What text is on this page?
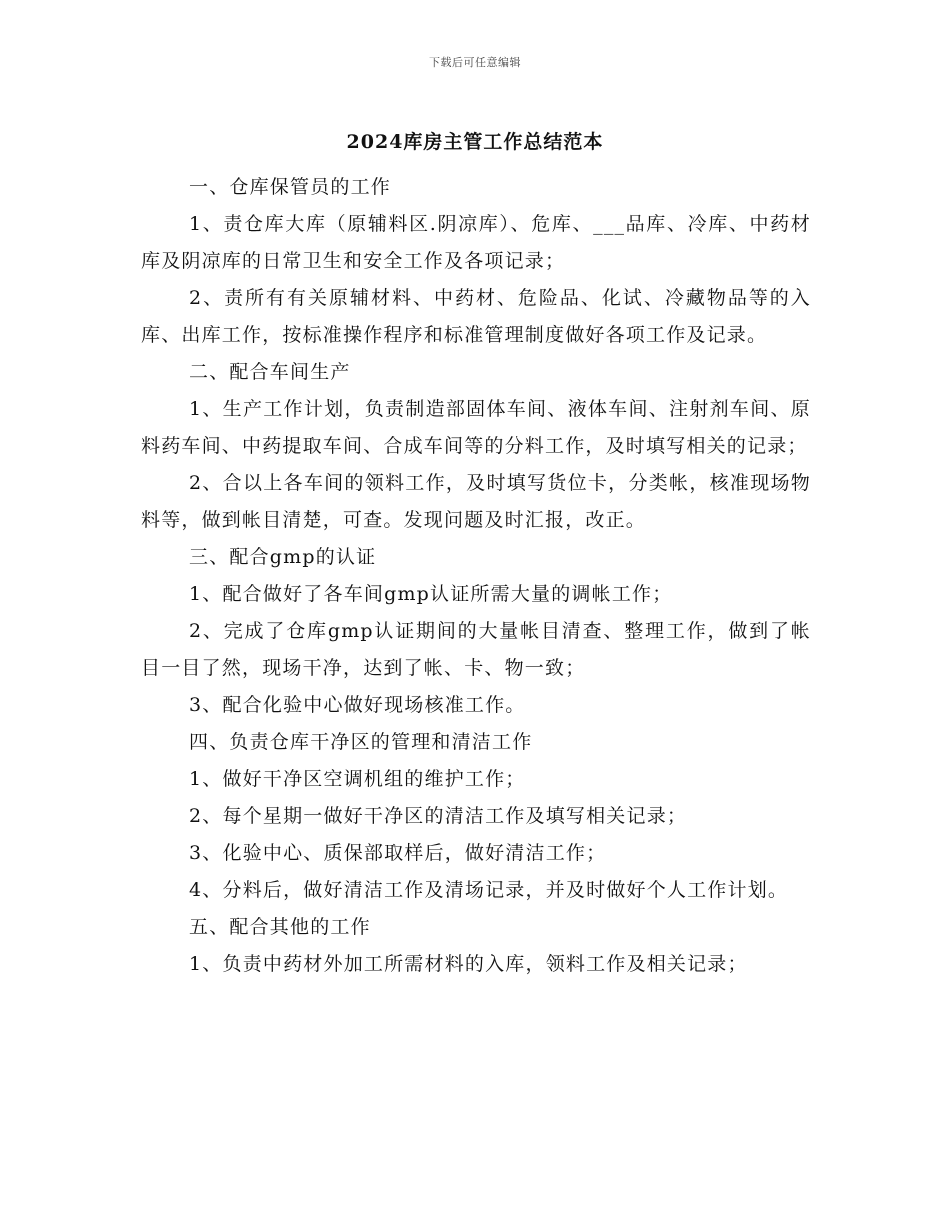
下载后可任意编辑
2024库房主管工作总结范本

一、仓库保管员的工作

1、责仓库大库（原辅料区.阴凉库）、危库、___品库、冷库、中药材库及阴凉库的日常卫生和安全工作及各项记录；

2、责所有有关原辅材料、中药材、危险品、化试、冷藏物品等的入库、出库工作，按标准操作程序和标准管理制度做好各项工作及记录。

二、配合车间生产

1、生产工作计划，负责制造部固体车间、液体车间、注射剂车间、原料药车间、中药提取车间、合成车间等的分料工作，及时填写相关的记录；

2、合以上各车间的领料工作，及时填写货位卡，分类帐，核准现场物料等，做到帐目清楚，可查。发现问题及时汇报，改正。

三、配合gmp的认证

1、配合做好了各车间gmp认证所需大量的调帐工作；

2、完成了仓库gmp认证期间的大量帐目清查、整理工作，做到了帐目一目了然，现场干净，达到了帐、卡、物一致；

3、配合化验中心做好现场核准工作。

四、负责仓库干净区的管理和清洁工作

1、做好干净区空调机组的维护工作；

2、每个星期一做好干净区的清洁工作及填写相关记录；

3、化验中心、质保部取样后，做好清洁工作；

4、分料后，做好清洁工作及清场记录，并及时做好个人工作计划。

五、配合其他的工作

1、负责中药材外加工所需材料的入库，领料工作及相关记录；
